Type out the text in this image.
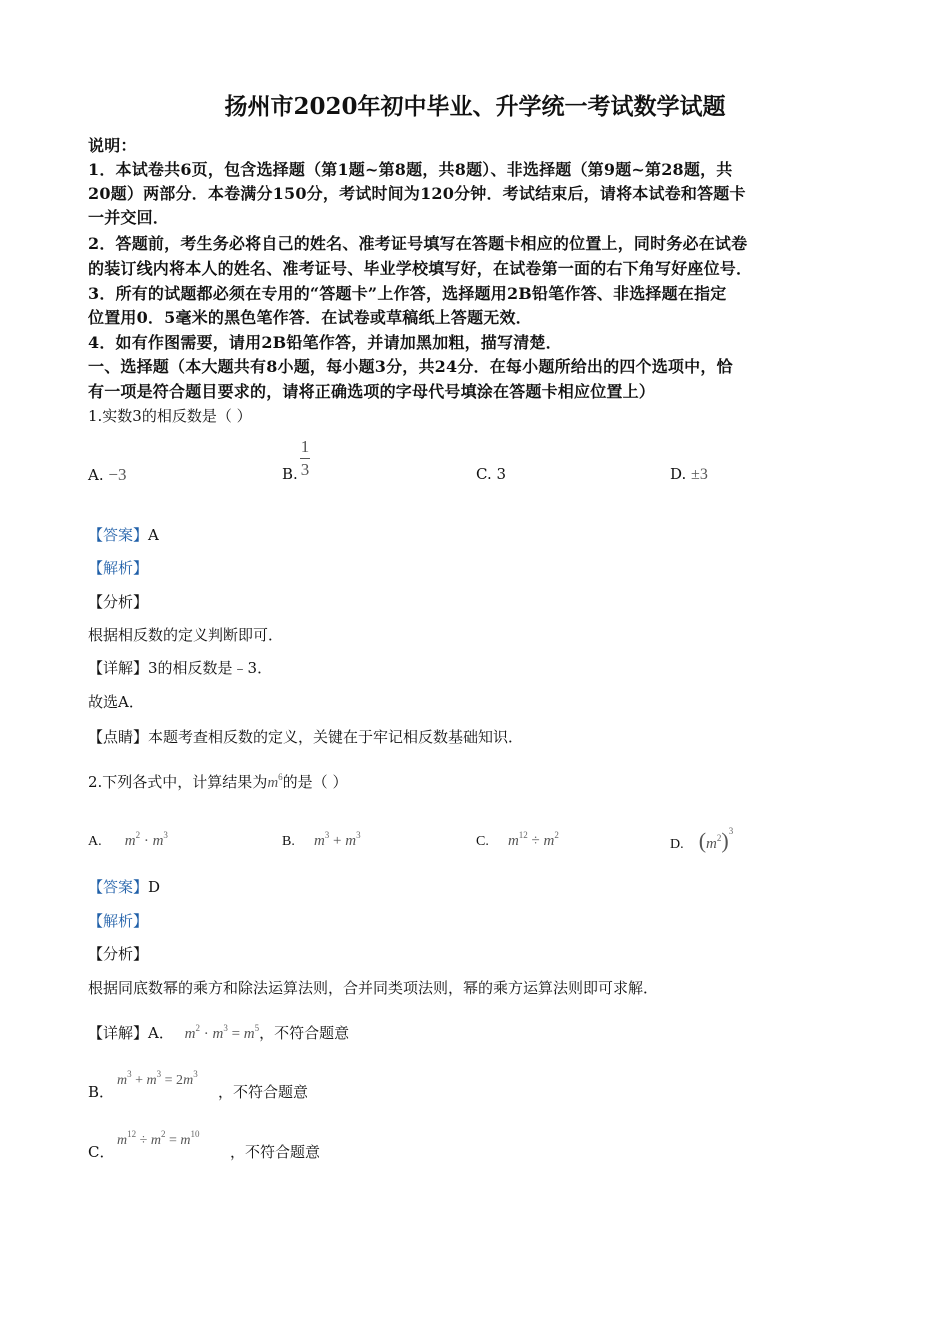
扬州市2020年初中毕业、升学统一考试数学试题
说明：
1．本试卷共6页，包含选择题（第1题~第8题，共8题）、非选择题（第9题~第28题，共
20题）两部分．本卷满分150分，考试时间为120分钟．考试结束后，请将本试卷和答题卡
一并交回．
2．答题前，考生务必将自己的姓名、准考证号填写在答题卡相应的位置上，同时务必在试卷
的装订线内将本人的姓名、准考证号、毕业学校填写好，在试卷第一面的右下角写好座位号．
3．所有的试题都必须在专用的“答题卡”上作答，选择题用2B铅笔作答、非选择题在指定
位置用0．5毫米的黑色笔作答．在试卷或草稿纸上答题无效．
4．如有作图需要，请用2B铅笔作答，并请加黑加粗，描写清楚．
一、选择题（本大题共有8小题，每小题3分，共24分．在每小题所给出的四个选项中，恰
有一项是符合题目要求的，请将正确选项的字母代号填涂在答题卡相应位置上）
1.实数3的相反数是（ ）
A. −3	B.
1
3	C. 3	D. ±3
【答案】A
【解析】
【分析】
根据相反数的定义判断即可．
【详解】3的相反数是﹣3．
故选A．
【点睛】本题考查相反数的定义，关键在于牢记相反数基础知识．
2.下列各式中，计算结果为$m^6$的是（ ）
A. $m^2 \cdot m^3$	B. $m^3 + m^3$	C. $m^{12} \div m^2$
D. $(m^2)^3$
【答案】D
【解析】
【分析】
根据同底数幂的乘方和除法运算法则，合并同类项法则，幂的乘方运算法则即可求解．
【详解】A． $m^2 \cdot m^3 = m^5$，不符合题意
B．
$m^3 + m^3 = 2m^3$
，不符合题意
C．
$m^{12} \div m^2 = m^{10}$
，不符合题意
